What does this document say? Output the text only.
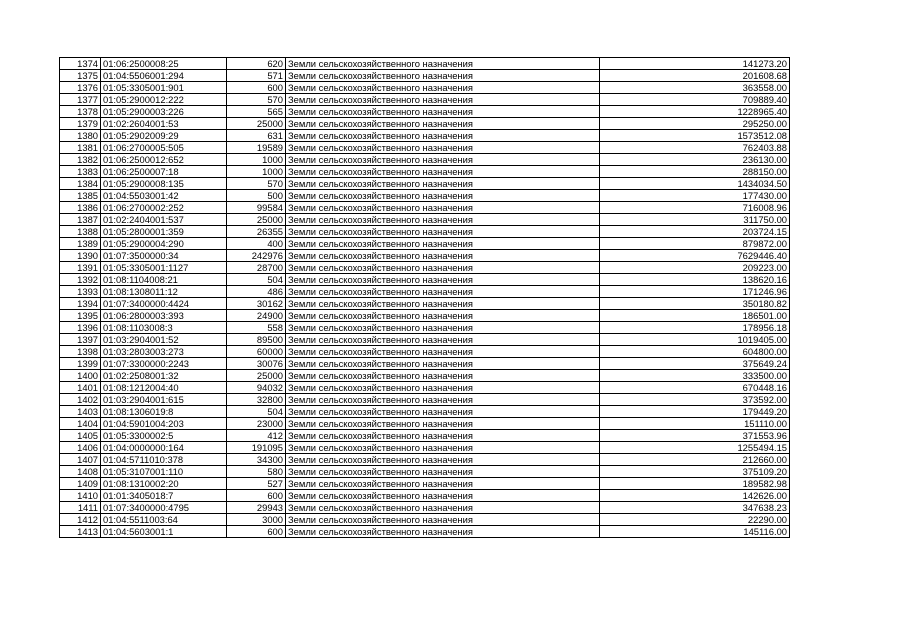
1374	01:06:2500008:25	620	Земли сельскохозяйственного назначения	141273.20
1375	01:04:5506001:294	571	Земли сельскохозяйственного назначения	201608.68
1376	01:05:3305001:901	600	Земли сельскохозяйственного назначения	363558.00
1377	01:05:2900012:222	570	Земли сельскохозяйственного назначения	709889.40
1378	01:05:2900003:226	565	Земли сельскохозяйственного назначения	1228965.40
1379	01:02:2604001:53	25000	Земли сельскохозяйственного назначения	295250.00
1380	01:05:2902009:29	631	Земли сельскохозяйственного назначения	1573512.08
1381	01:06:2700005:505	19589	Земли сельскохозяйственного назначения	762403.88
1382	01:06:2500012:652	1000	Земли сельскохозяйственного назначения	236130.00
1383	01:06:2500007:18	1000	Земли сельскохозяйственного назначения	288150.00
1384	01:05:2900008:135	570	Земли сельскохозяйственного назначения	1434034.50
1385	01:04:5503001:42	500	Земли сельскохозяйственного назначения	177430.00
1386	01:06:2700002:252	99584	Земли сельскохозяйственного назначения	716008.96
1387	01:02:2404001:537	25000	Земли сельскохозяйственного назначения	311750.00
1388	01:05:2800001:359	26355	Земли сельскохозяйственного назначения	203724.15
1389	01:05:2900004:290	400	Земли сельскохозяйственного назначения	879872.00
1390	01:07:3500000:34	242976	Земли сельскохозяйственного назначения	7629446.40
1391	01:05:3305001:1127	28700	Земли сельскохозяйственного назначения	209223.00
1392	01:08:1104008:21	504	Земли сельскохозяйственного назначения	138620.16
1393	01:08:1308011:12	486	Земли сельскохозяйственного назначения	171246.96
1394	01:07:3400000:4424	30162	Земли сельскохозяйственного назначения	350180.82
1395	01:06:2800003:393	24900	Земли сельскохозяйственного назначения	186501.00
1396	01:08:1103008:3	558	Земли сельскохозяйственного назначения	178956.18
1397	01:03:2904001:52	89500	Земли сельскохозяйственного назначения	1019405.00
1398	01:03:2803003:273	60000	Земли сельскохозяйственного назначения	604800.00
1399	01:07:3300000:2243	30076	Земли сельскохозяйственного назначения	375649.24
1400	01:02:2508001:32	25000	Земли сельскохозяйственного назначения	333500.00
1401	01:08:1212004:40	94032	Земли сельскохозяйственного назначения	670448.16
1402	01:03:2904001:615	32800	Земли сельскохозяйственного назначения	373592.00
1403	01:08:1306019:8	504	Земли сельскохозяйственного назначения	179449.20
1404	01:04:5901004:203	23000	Земли сельскохозяйственного назначения	151110.00
1405	01:05:3300002:5	412	Земли сельскохозяйственного назначения	371553.96
1406	01:04:0000000:164	191095	Земли сельскохозяйственного назначения	1255494.15
1407	01:04:5711010:378	34300	Земли сельскохозяйственного назначения	212660.00
1408	01:05:3107001:110	580	Земли сельскохозяйственного назначения	375109.20
1409	01:08:1310002:20	527	Земли сельскохозяйственного назначения	189582.98
1410	01:01:3405018:7	600	Земли сельскохозяйственного назначения	142626.00
1411	01:07:3400000:4795	29943	Земли сельскохозяйственного назначения	347638.23
1412	01:04:5511003:64	3000	Земли сельскохозяйственного назначения	22290.00
1413	01:04:5603001:1	600	Земли сельскохозяйственного назначения	145116.00
